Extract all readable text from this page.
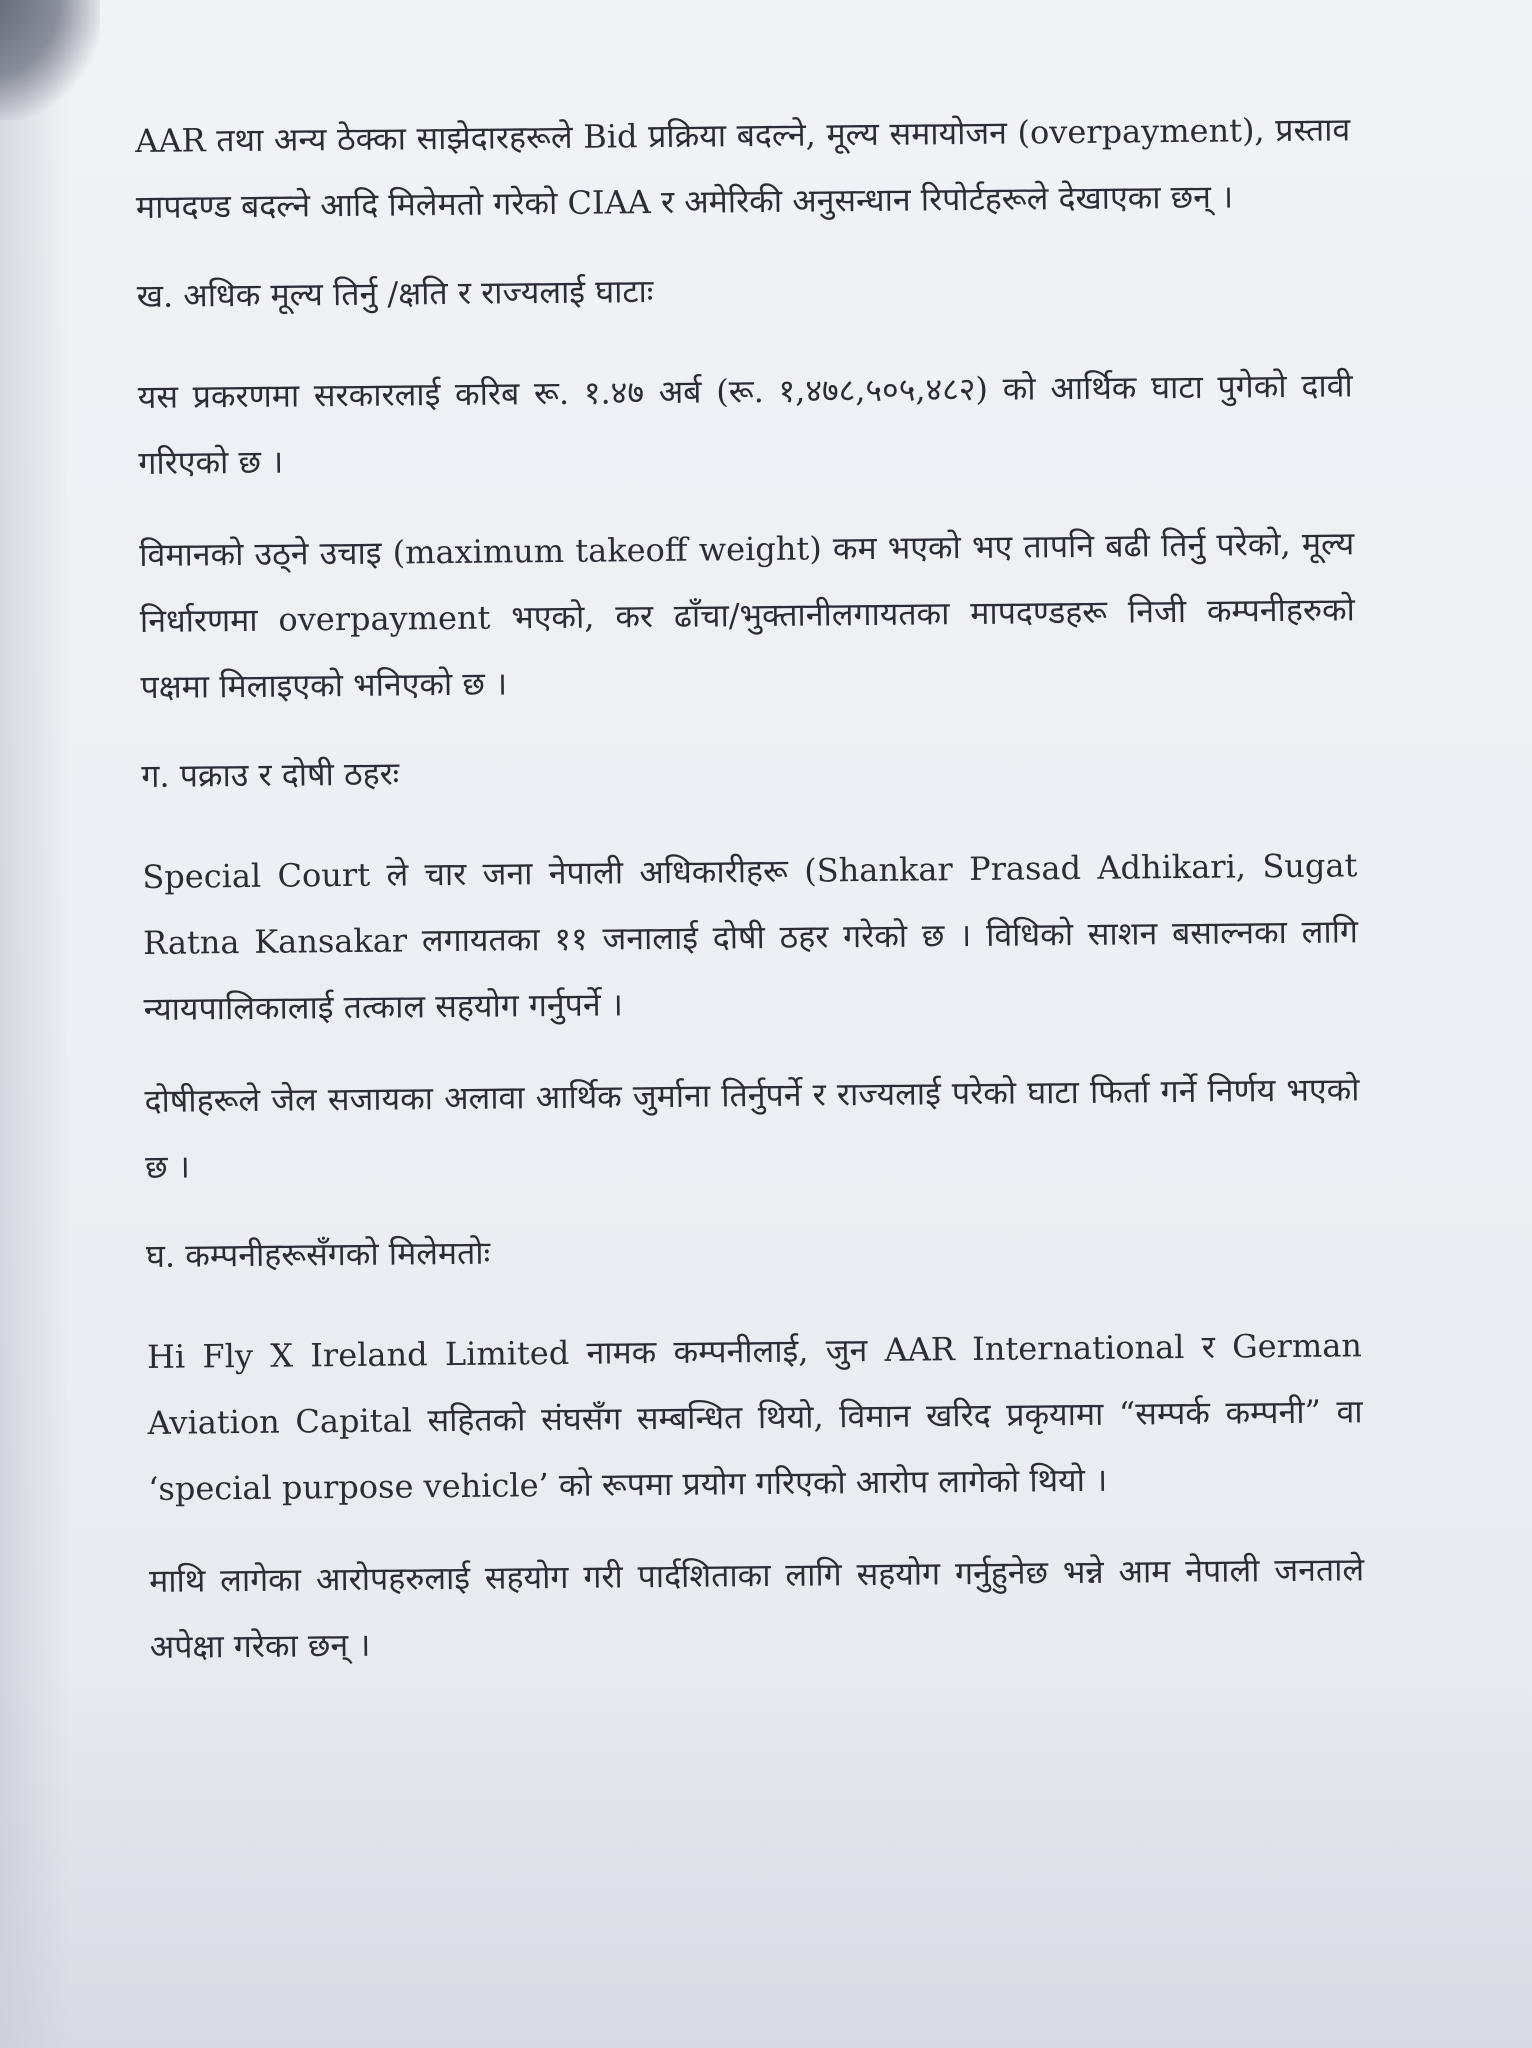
AAR तथा अन्य ठेक्का साझेदारहरूले Bid प्रक्रिया बदल्ने, मूल्य समायोजन (overpayment), प्रस्ताव मापदण्ड बदल्ने आदि मिलेमतो गरेको CIAA र अमेरिकी अनुसन्धान रिपोर्टहरूले देखाएका छन् ।

ख. अधिक मूल्य तिर्नु /क्षति र राज्यलाई घाटाः

यस प्रकरणमा सरकारलाई करिब रू. १.४७ अर्ब (रू. १,४७८,५०५,४८२) को आर्थिक घाटा पुगेको दावी गरिएको छ ।

विमानको उठ्ने उचाइ (maximum takeoff weight) कम भएको भए तापनि बढी तिर्नु परेको, मूल्य निर्धारणमा overpayment भएको, कर ढाँचा/भुक्तानीलगायतका मापदण्डहरू निजी कम्पनीहरुको पक्षमा मिलाइएको भनिएको छ ।

ग. पक्राउ र दोषी ठहरः

Special Court ले चार जना नेपाली अधिकारीहरू (Shankar Prasad Adhikari, Sugat Ratna Kansakar लगायतका ११ जनालाई दोषी ठहर गरेको छ । विधिको साशन बसाल्नका लागि न्यायपालिकालाई तत्काल सहयोग गर्नुपर्ने ।

दोषीहरूले जेल सजायका अलावा आर्थिक जुर्माना तिर्नुपर्ने र राज्यलाई परेको घाटा फिर्ता गर्ने निर्णय भएको छ ।

घ. कम्पनीहरूसँगको मिलेमतोः

Hi Fly X Ireland Limited नामक कम्पनीलाई, जुन AAR International र German Aviation Capital सहितको संघसँग सम्बन्धित थियो, विमान खरिद प्रकृयामा “सम्पर्क कम्पनी” वा ‘special purpose vehicle’ को रूपमा प्रयोग गरिएको आरोप लागेको थियो ।

माथि लागेका आरोपहरुलाई सहयोग गरी पार्दशिताका लागि सहयोग गर्नुहुनेछ भन्ने आम नेपाली जनताले अपेक्षा गरेका छन् ।
